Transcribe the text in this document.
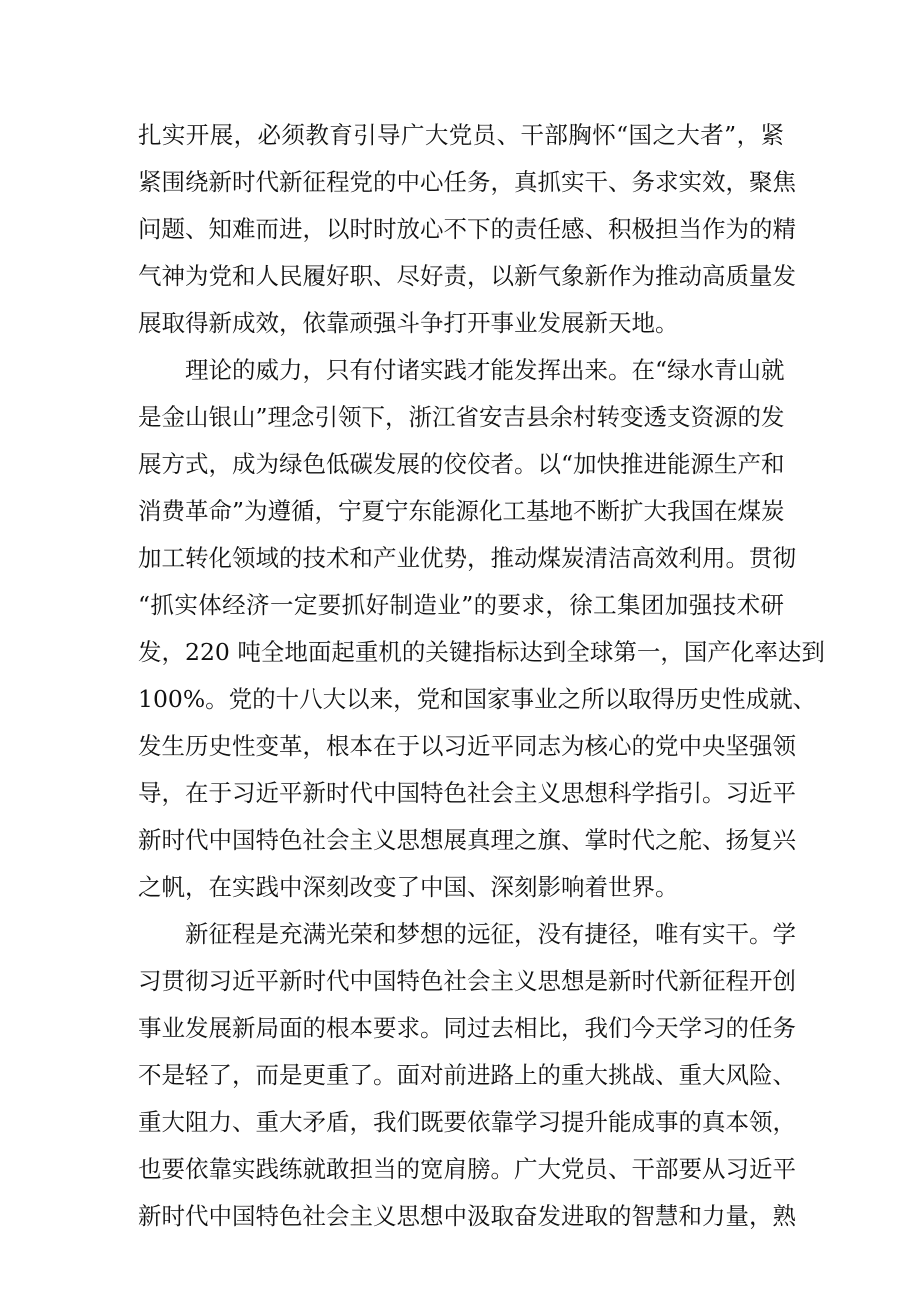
扎实开展，必须教育引导广大党员、干部胸怀“国之大者”，紧
紧围绕新时代新征程党的中心任务，真抓实干、务求实效，聚焦
问题、知难而进，以时时放心不下的责任感、积极担当作为的精
气神为党和人民履好职、尽好责，以新气象新作为推动高质量发
展取得新成效，依靠顽强斗争打开事业发展新天地。
理论的威力，只有付诸实践才能发挥出来。在“绿水青山就
是金山银山”理念引领下，浙江省安吉县余村转变透支资源的发
展方式，成为绿色低碳发展的佼佼者。以“加快推进能源生产和
消费革命”为遵循，宁夏宁东能源化工基地不断扩大我国在煤炭
加工转化领域的技术和产业优势，推动煤炭清洁高效利用。贯彻
“抓实体经济一定要抓好制造业”的要求，徐工集团加强技术研
发，220 吨全地面起重机的关键指标达到全球第一，国产化率达到
100%。党的十八大以来，党和国家事业之所以取得历史性成就、
发生历史性变革，根本在于以习近平同志为核心的党中央坚强领
导，在于习近平新时代中国特色社会主义思想科学指引。习近平
新时代中国特色社会主义思想展真理之旗、掌时代之舵、扬复兴
之帆，在实践中深刻改变了中国、深刻影响着世界。
新征程是充满光荣和梦想的远征，没有捷径，唯有实干。学
习贯彻习近平新时代中国特色社会主义思想是新时代新征程开创
事业发展新局面的根本要求。同过去相比，我们今天学习的任务
不是轻了，而是更重了。面对前进路上的重大挑战、重大风险、
重大阻力、重大矛盾，我们既要依靠学习提升能成事的真本领，
也要依靠实践练就敢担当的宽肩膀。广大党员、干部要从习近平
新时代中国特色社会主义思想中汲取奋发进取的智慧和力量，熟
